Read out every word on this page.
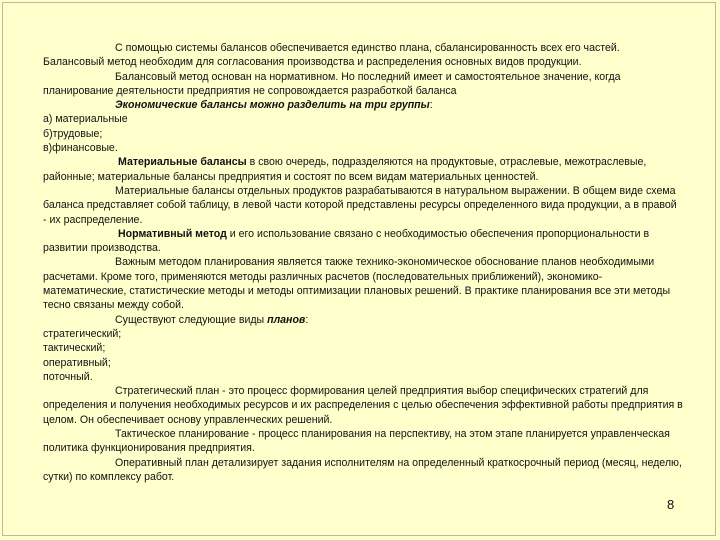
С помощью системы балансов обеспечивается единство плана, сбалансированность всех его частей. Балансовый метод необходим для согласования производства и распределения основных видов продукции.

Балансовый метод основан на нормативном. Но последний имеет и самостоятельное значение, когда планирование деятельности предприятия не сопровождается разработкой баланса

Экономические балансы можно разделить на три группы:

а) материальные

б)трудовые;

в)финансовые.

Материальные балансы в свою очередь, подразделяются на продуктовые, отраслевые, межотраслевые, районные; материальные балансы предприятия и состоят по всем видам материальных ценностей.

Материальные балансы отдельных продуктов разрабатываются в натуральном выражении. В общем виде схема баланса представляет собой таблицу, в левой части которой представлены ресурсы определенного вида продукции, а в правой - их распределение.

Нормативный метод и его использование связано с необходимостью обеспечения пропорциональности в развитии производства.

Важным методом планирования является также технико-экономическое обоснование планов необходимыми расчетами. Кроме того, применяются методы различных расчетов (последовательных приближений), экономико-математические, статистические методы и методы оптимизации плановых решений. В практике планирования все эти методы тесно связаны между собой.

Существуют следующие виды планов:

стратегический;

тактический;

оперативный;

поточный.

Стратегический план - это процесс формирования целей предприятия выбор специфических стратегий для определения и получения необходимых ресурсов и их распределения с целью обеспечения эффективной работы предприятия в целом. Он обеспечивает основу управленческих решений.

Тактическое планирование - процесс планирования на перспективу, на этом этапе планируется управленческая политика функционирования предприятия.

Оперативный план детализирует задания исполнителям на определенный краткосрочный период (месяц, неделю, сутки) по комплексу работ.

8
